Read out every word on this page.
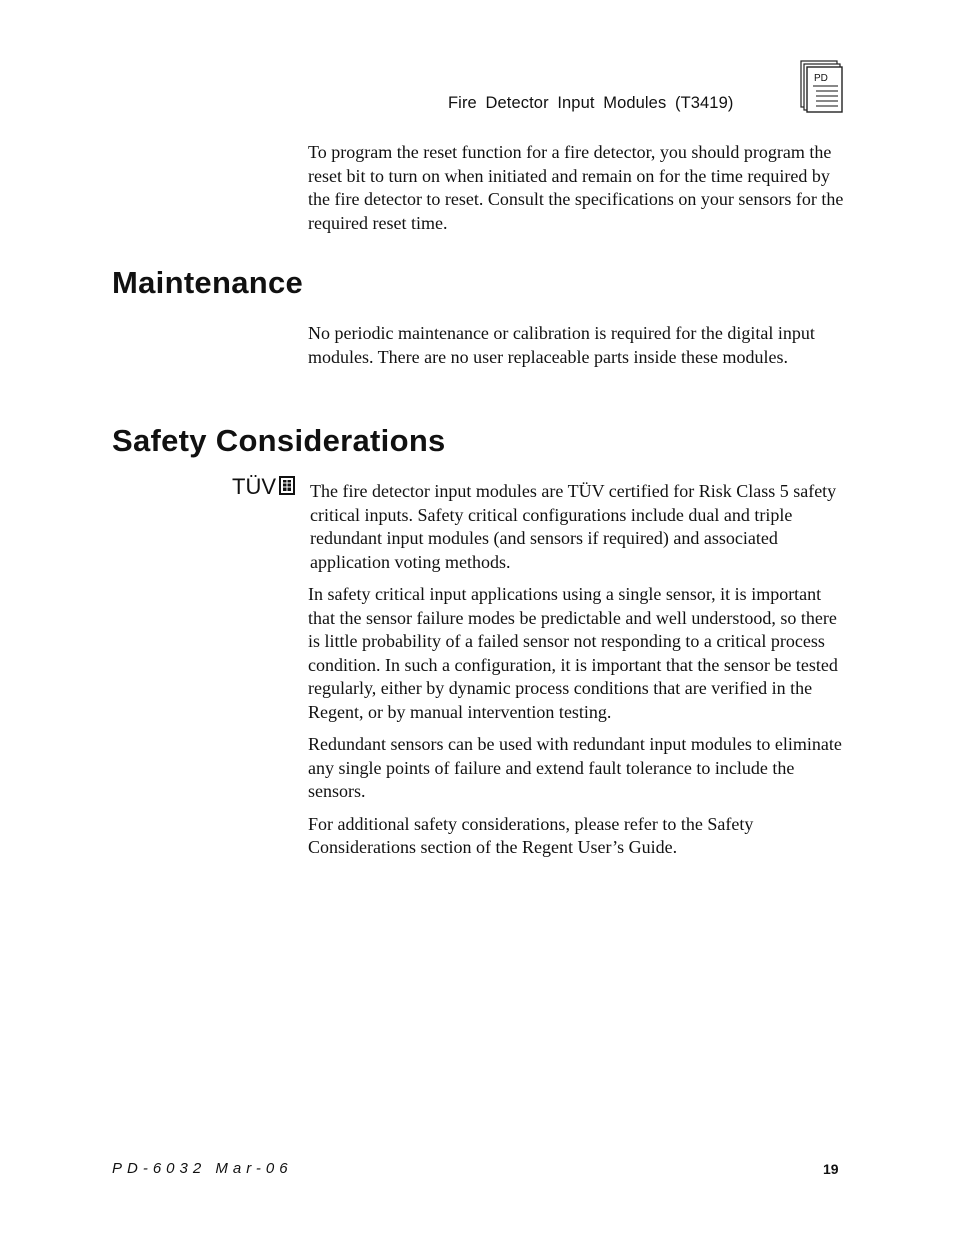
Fire Detector Input Modules (T3419)
PD

To program the reset function for a fire detector, you should program the reset bit to turn on when initiated and remain on for the time required by the fire detector to reset. Consult the specifications on your sensors for the required reset time.

Maintenance

No periodic maintenance or calibration is required for the digital input modules. There are no user replaceable parts inside these modules.

Safety Considerations
TÜV The fire detector input modules are TÜV certified for Risk Class 5 safety critical inputs. Safety critical configurations include dual and triple redundant input modules (and sensors if required) and associated application voting methods.

In safety critical input applications using a single sensor, it is important that the sensor failure modes be predictable and well understood, so there is little probability of a failed sensor not responding to a critical process condition. In such a configuration, it is important that the sensor be tested regularly, either by dynamic process conditions that are verified in the Regent, or by manual intervention testing.

Redundant sensors can be used with redundant input modules to eliminate any single points of failure and extend fault tolerance to include the sensors.

For additional safety considerations, please refer to the Safety Considerations section of the Regent User’s Guide.

PD-6032 Mar-06	19
